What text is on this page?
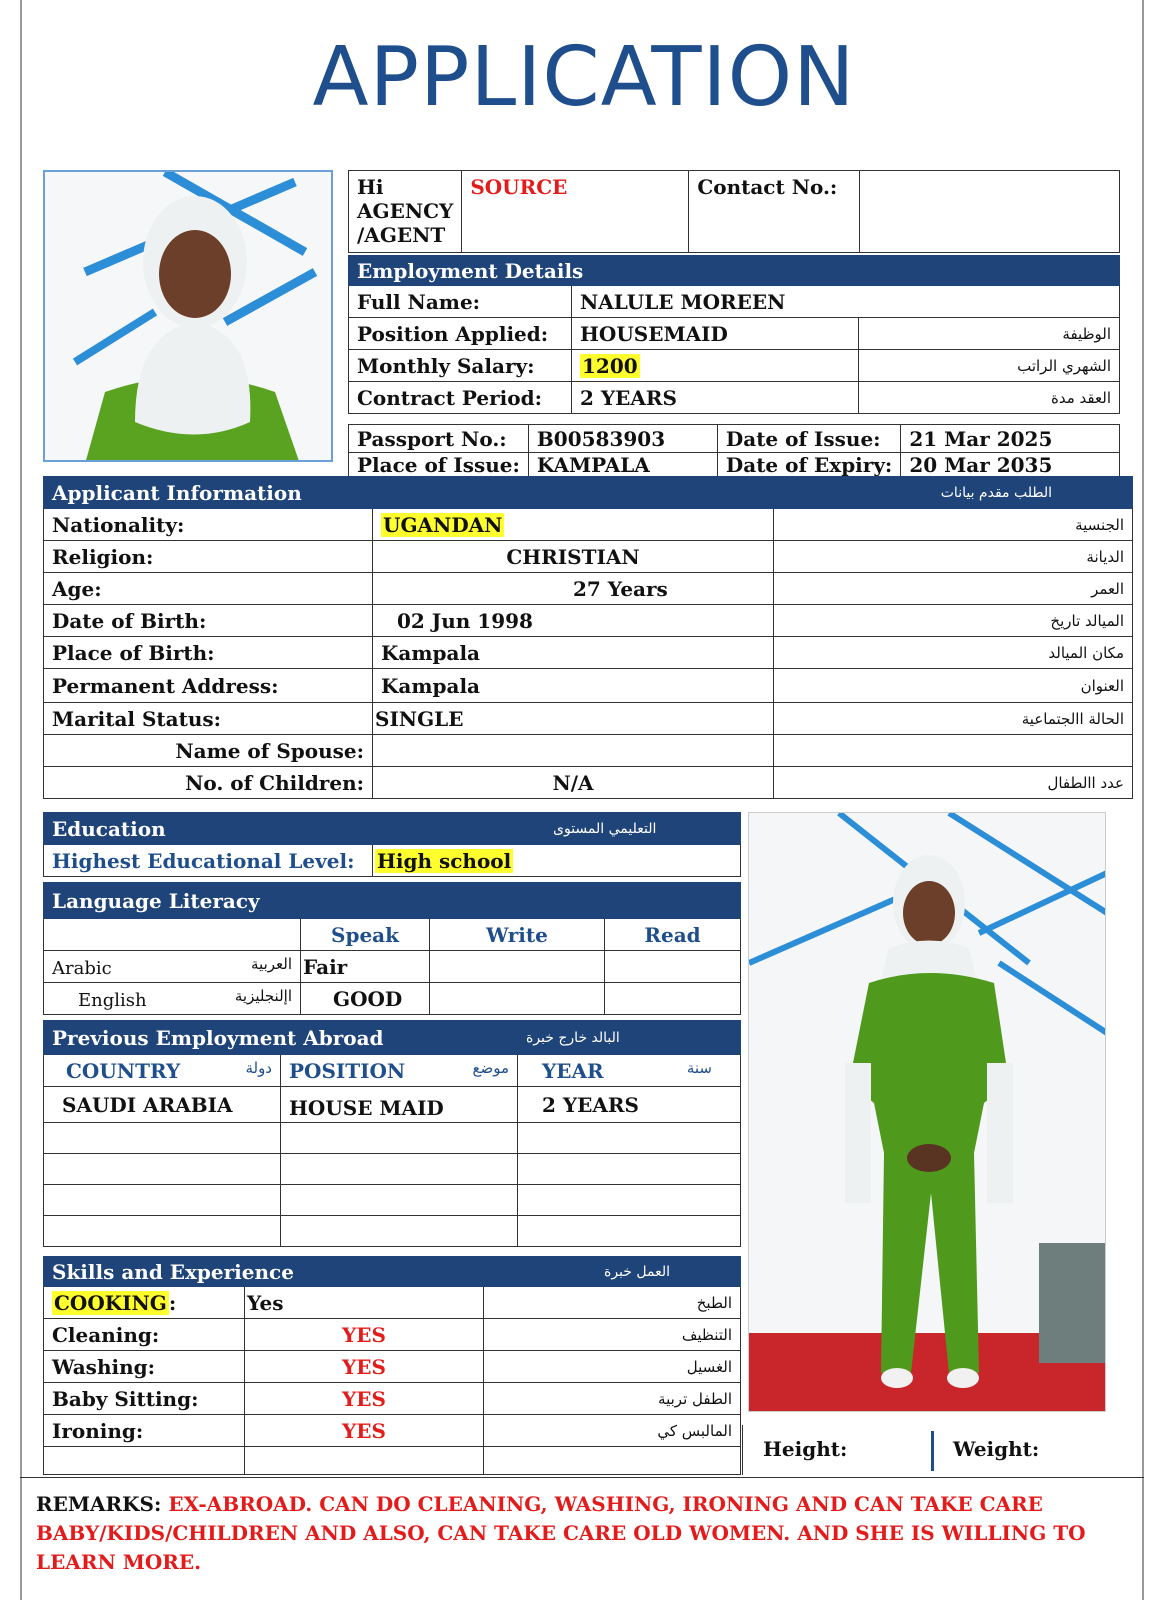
APPLICATION
Hi AGENCY /AGENT	SOURCE	Contact No.:	
Employment Details		
Full Name:	NALULE MOREEN	
Position Applied:	HOUSEMAID	الوظيفة
Monthly Salary:	1200	الشهري الراتب
Contract Period:	2 YEARS	العقد مدة
Passport No.:	B00583903	Date of Issue:	21 Mar 2025
Place of Issue:	KAMPALA	Date of Expiry:	20 Mar 2035
Applicant Information		الطلب مقدم بيانات
Nationality:	UGANDAN	الجنسية
Religion:	CHRISTIAN	الديانة
Age:	27 Years	العمر
Date of Birth:	02 Jun 1998	الميالد تاريخ
Place of Birth:	Kampala	مكان الميالد
Permanent Address:	Kampala	العنوان
Marital Status:	SINGLE	الحالة االجتماعية
Name of Spouse:		
No. of Children:	N/A	عدد االطفال
Education	التعليمي المستوى
Highest Educational Level:	High school
Language Literacy			
	Speak	Write	Read
Arabic العربية	Fair		
English اإلنجليزية	GOOD		
Previous Employment Abroad		البالد خارج خبرة
COUNTRY دولة	POSITION موضع	YEAR سنة

SAUDI ARABIA	HOUSE MAID	2 YEARS

Skills and Experience		العمل خبرة
COOKING :	Yes	الطبخ
Cleaning:	YES	التنظيف
Washing:	YES	الغسيل
Baby Sitting:	YES	الطفل تربية
Ironing:	YES	المالبس كي

Height:	Weight:
REMARKS: EX-ABROAD. CAN DO CLEANING, WASHING, IRONING AND CAN TAKE CARE BABY/KIDS/CHILDREN AND ALSO, CAN TAKE CARE OLD WOMEN. AND SHE IS WILLING TO LEARN MORE.
